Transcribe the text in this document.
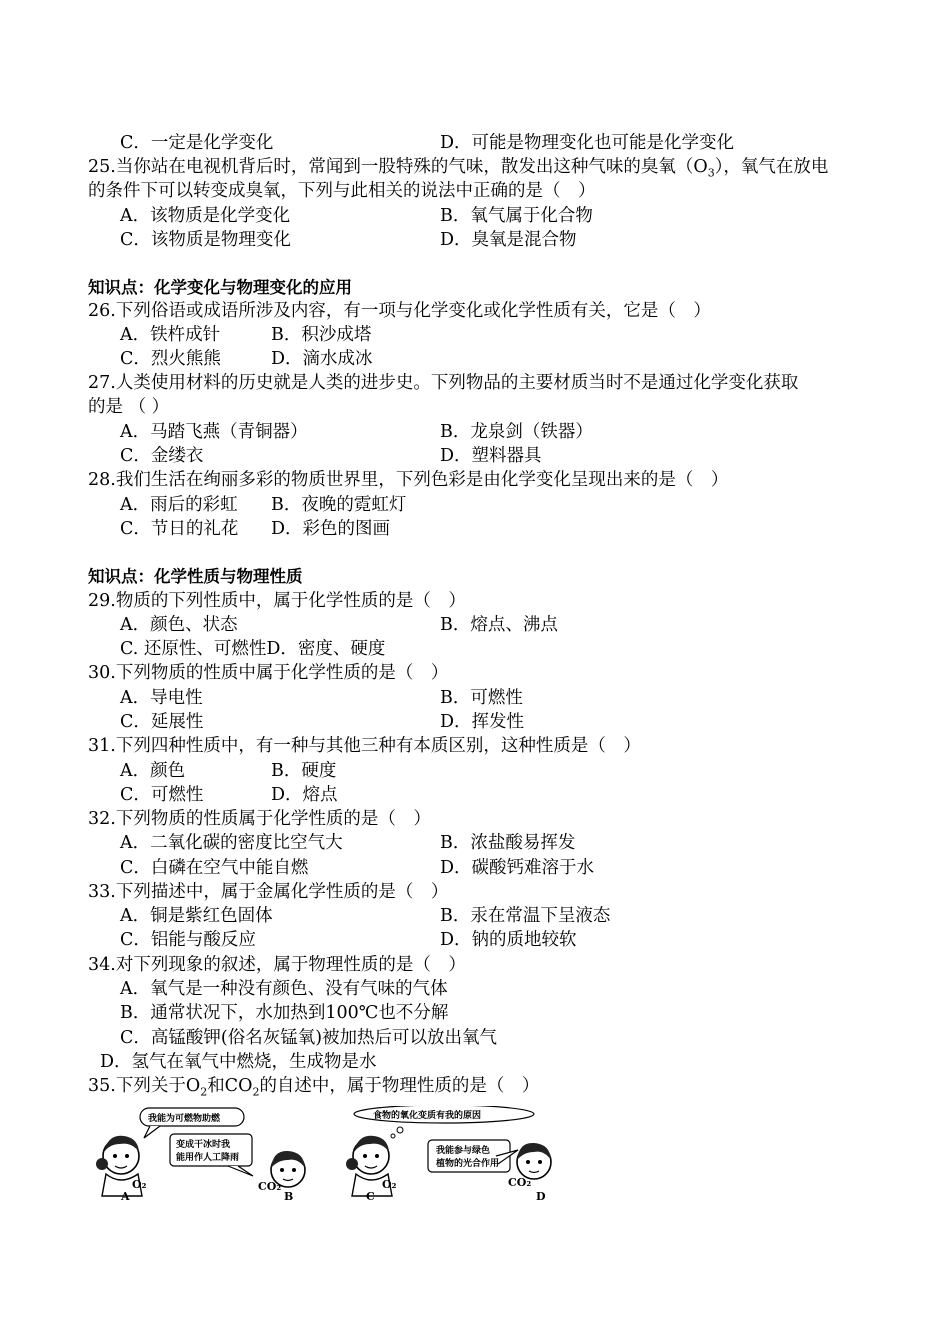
C．一定是化学变化	D．可能是物理变化也可能是化学变化
25.当你站在电视机背后时，常闻到一股特殊的气味，散发出这种气味的臭氧$(O_3)$，氧气在放电
的条件下可以转变成臭氧，下列与此相关的说法中正确的是（　）
A．该物质是化学变化	B．氧气属于化合物
C．该物质是物理变化	D．臭氧是混合物
知识点：化学变化与物理变化的应用
26.下列俗语或成语所涉及内容，有一项与化学变化或化学性质有关，它是（　）
A．铁杵成针	B．积沙成塔
C．烈火熊熊	D．滴水成冰
27.人类使用材料的历史就是人类的进步史。下列物品的主要材质当时不是通过化学变化获取
的是 （ ）
A．马踏飞燕（青铜器）	B．龙泉剑（铁器）
C．金缕衣	D．塑料器具
28.我们生活在绚丽多彩的物质世界里，下列色彩是由化学变化呈现出来的是（　）
A．雨后的彩虹 B．夜晚的霓虹灯
C．节日的礼花 D．彩色的图画
知识点：化学性质与物理性质
29.物质的下列性质中，属于化学性质的是（　）
A．颜色、状态	B．熔点、沸点
C. 还原性、可燃性D．密度、硬度
30.下列物质的性质中属于化学性质的是（　）
A．导电性	B．可燃性
C．延展性	D．挥发性
31.下列四种性质中，有一种与其他三种有本质区别，这种性质是（　）
A．颜色	B．硬度
C．可燃性	D．熔点
32.下列物质的性质属于化学性质的是（　）
A．二氧化碳的密度比空气大	B．浓盐酸易挥发
C．白磷在空气中能自燃	D．碳酸钙难溶于水
33.下列描述中，属于金属化学性质的是（　）
A．铜是紫红色固体	B．汞在常温下呈液态
C．铝能与酸反应	D．钠的质地较软
34.对下列现象的叙述，属于物理性质的是（　）
A．氧气是一种没有颜色、没有气味的气体
B．通常状况下，水加热到100℃也不分解
C．高锰酸钾(俗名灰锰氧)被加热后可以放出氧气
D．氢气在氧气中燃烧，生成物是水
35.下列关于$O_2$和$CO_2$的自述中，属于物理性质的是（　）
我能为可燃物助燃
变成干冰时我
能用作人工降雨
O₂	CO₂
A	B
食物的氧化变质有我的原因
我能参与绿色
植物的光合作用
O₂	CO₂
C	D
